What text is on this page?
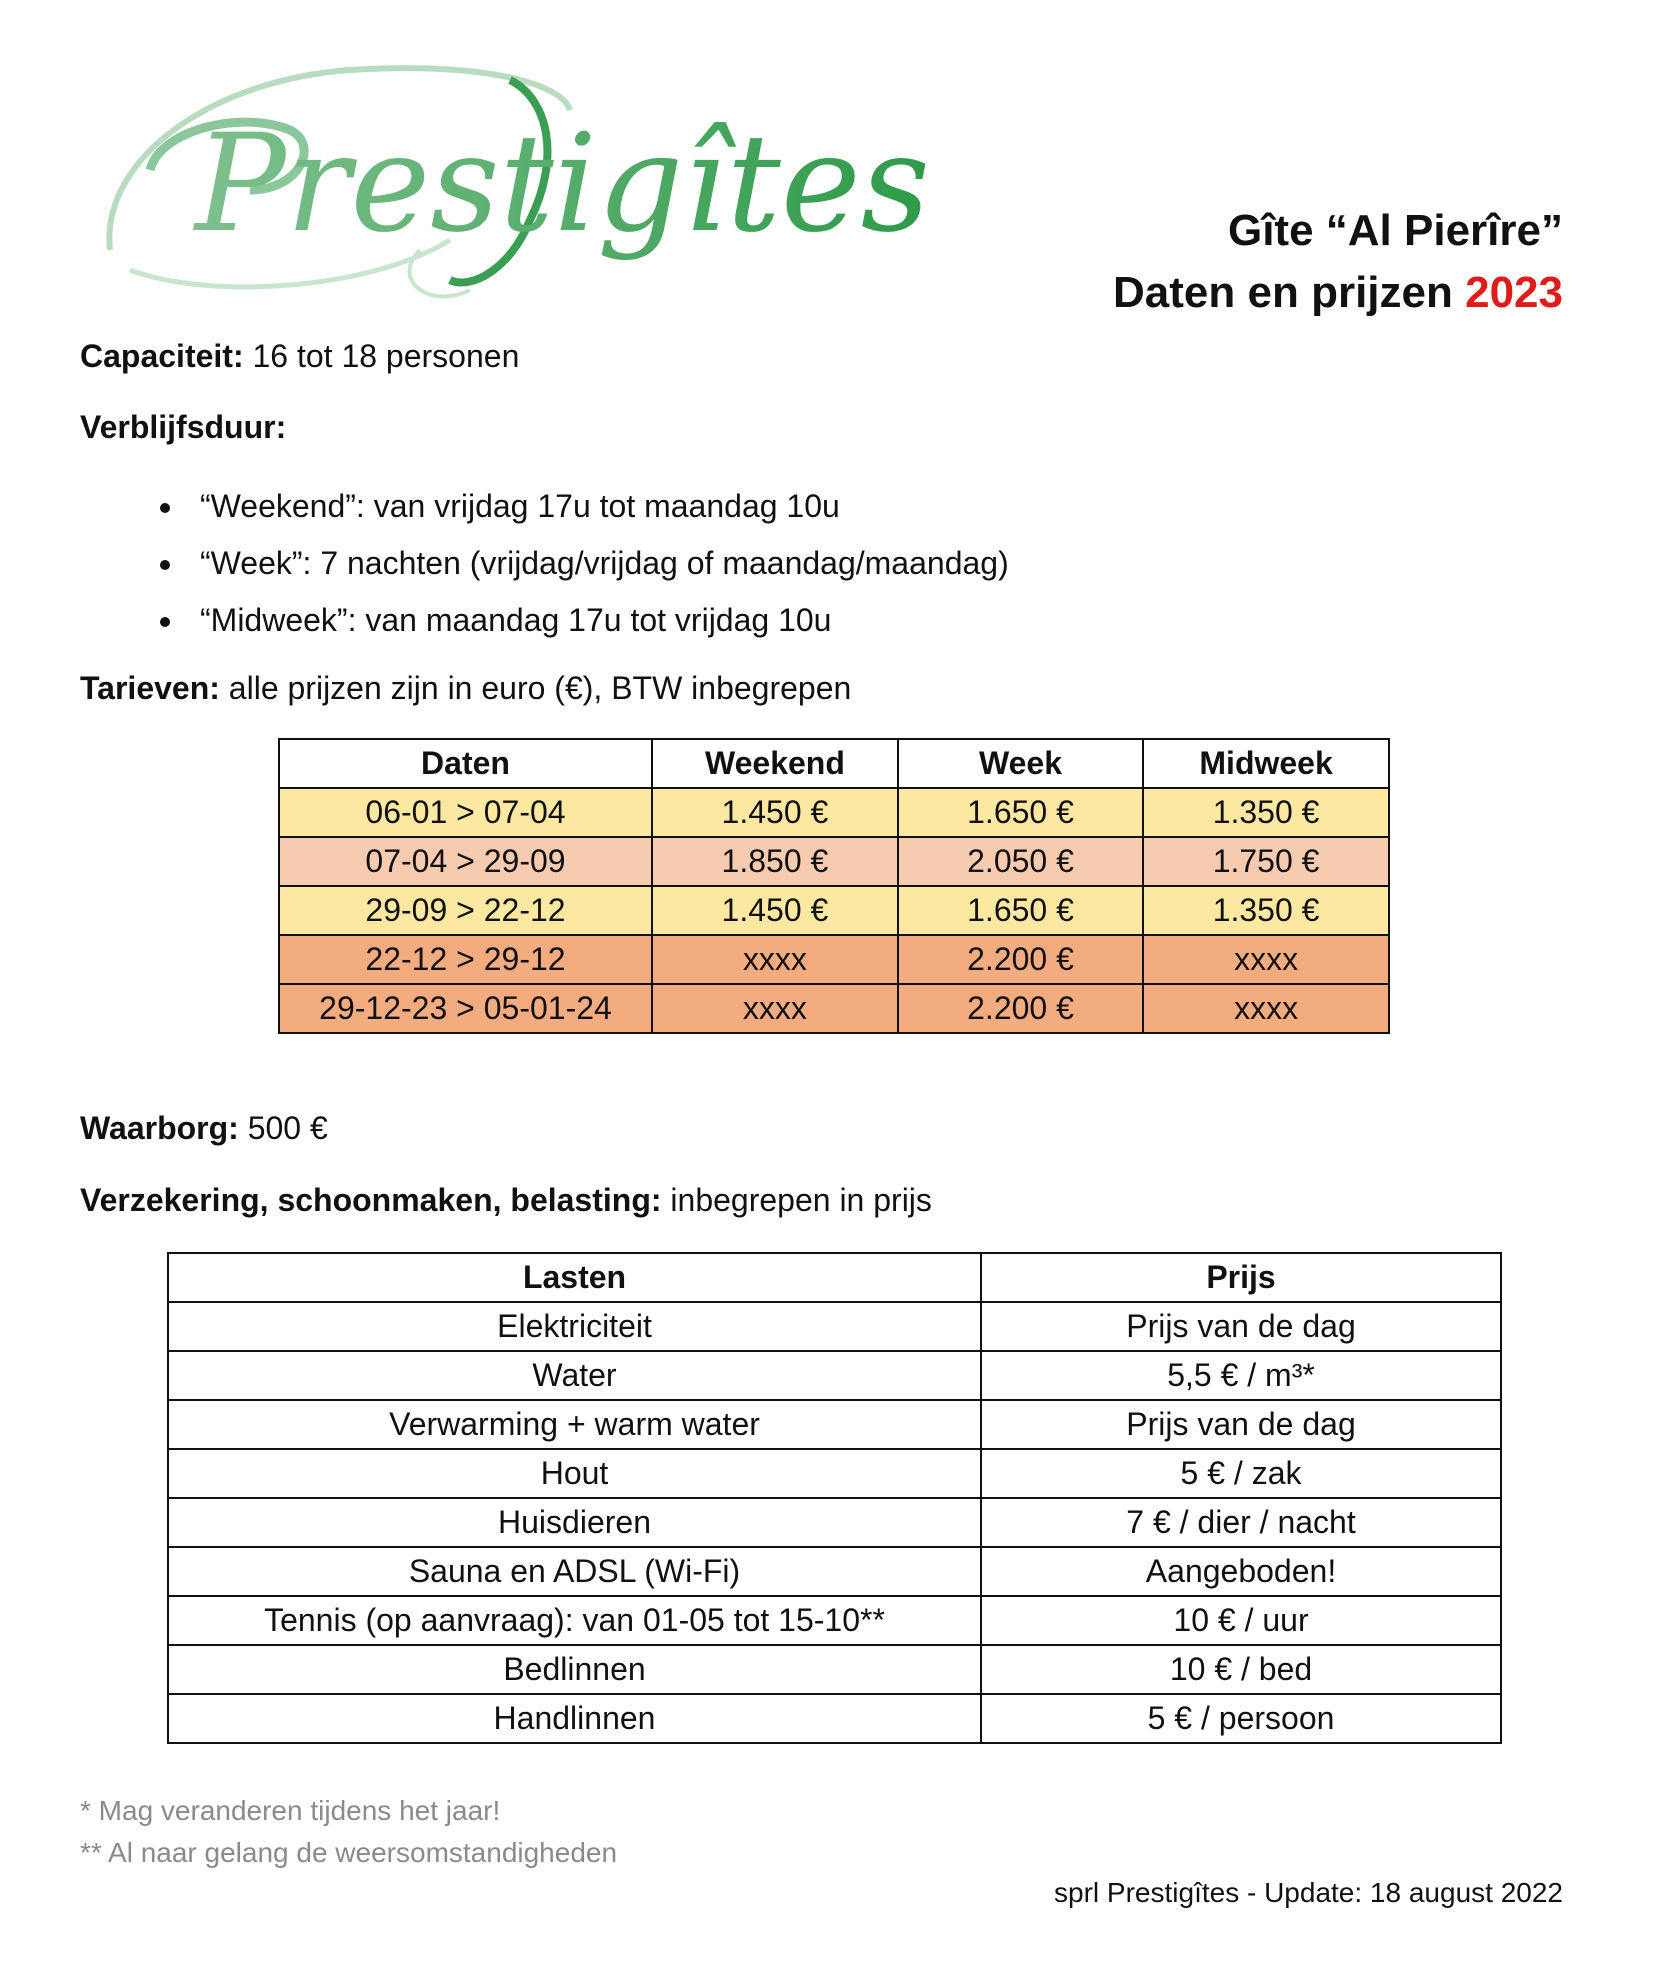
Prestigîtes	Gîte “Al Pierîre”
Daten en prijzen 2023
Capaciteit: 16 tot 18 personen
Verblijfsduur:
“Weekend”: van vrijdag 17u tot maandag 10u
“Week”: 7 nachten (vrijdag/vrijdag of maandag/maandag)
“Midweek”: van maandag 17u tot vrijdag 10u
Tarieven: alle prijzen zijn in euro (€), BTW inbegrepen
Daten	Weekend	Week	Midweek
06-01 > 07-04	1.450 €	1.650 €	1.350 €
07-04 > 29-09	1.850 €	2.050 €	1.750 €
29-09 > 22-12	1.450 €	1.650 €	1.350 €
22-12 > 29-12	xxxx	2.200 €	xxxx
29-12-23 > 05-01-24	xxxx	2.200 €	xxxx
Waarborg: 500 €
Verzekering, schoonmaken, belasting: inbegrepen in prijs
Lasten	Prijs
Elektriciteit	Prijs van de dag
Water	5,5 € / m³*
Verwarming + warm water	Prijs van de dag
Hout	5 € / zak
Huisdieren	7 € / dier / nacht
Sauna en ADSL (Wi-Fi)	Aangeboden!
Tennis (op aanvraag): van 01-05 tot 15-10**	10 € / uur
Bedlinnen	10 € / bed
Handlinnen	5 € / persoon
* Mag veranderen tijdens het jaar!
** Al naar gelang de weersomstandigheden
sprl Prestigîtes - Update: 18 august 2022
